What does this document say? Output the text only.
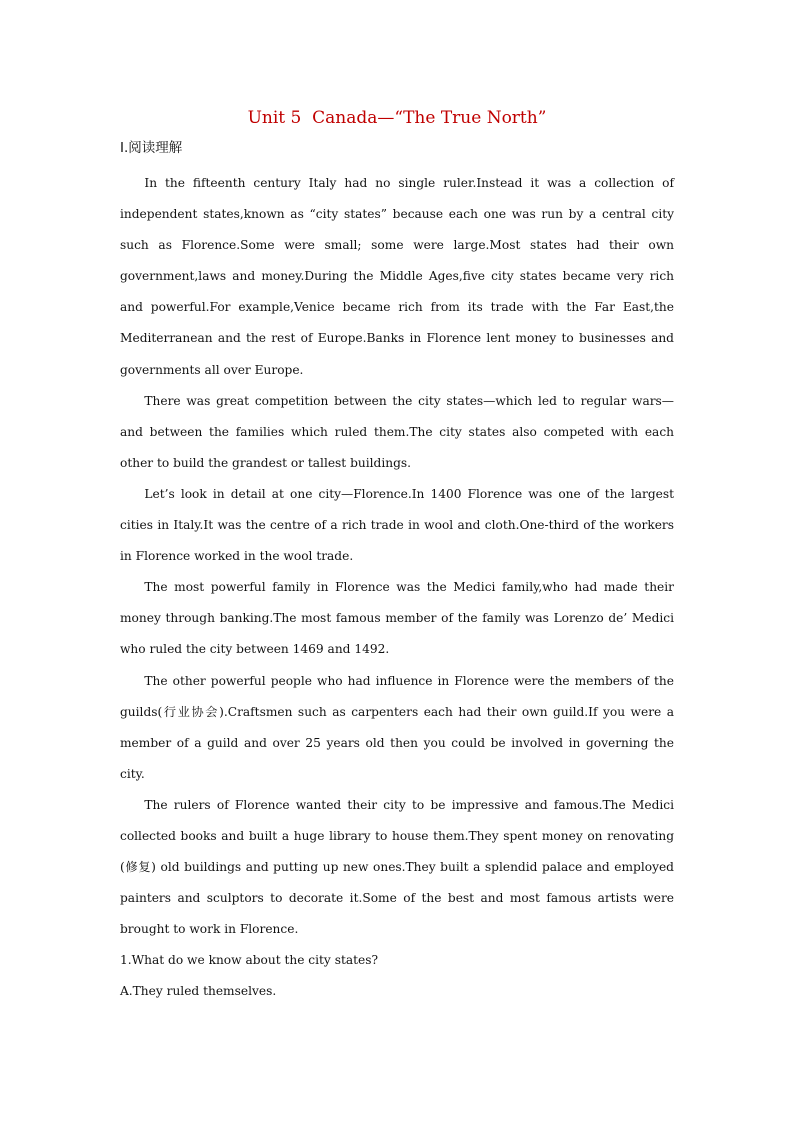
Unit 5  Canada—“The True North”
Ⅰ.阅读理解

In the fifteenth century Italy had no single ruler.Instead it was a collection of independent states,known as “city states” because each one was run by a central city such as Florence.Some were small; some were large.Most states had their own government,laws and money.During the Middle Ages,five city states became very rich and powerful.For example,Venice became rich from its trade with the Far East,the Mediterranean and the rest of Europe.Banks in Florence lent money to businesses and governments all over Europe.

There was great competition between the city states—which led to regular wars—and between the families which ruled them.The city states also competed with each other to build the grandest or tallest buildings.

Let’s look in detail at one city—Florence.In 1400 Florence was one of the largest cities in Italy.It was the centre of a rich trade in wool and cloth.One-third of the workers in Florence worked in the wool trade.

The most powerful family in Florence was the Medici family,who had made their money through banking.The most famous member of the family was Lorenzo de’ Medici who ruled the city between 1469 and 1492.

The other powerful people who had influence in Florence were the members of the guilds(行业协会).Craftsmen such as carpenters each had their own guild.If you were a member of a guild and over 25 years old then you could be involved in governing the city.

The rulers of Florence wanted their city to be impressive and famous.The Medici collected books and built a huge library to house them.They spent money on renovating (修复) old buildings and putting up new ones.They built a splendid palace and employed painters and sculptors to decorate it.Some of the best and most famous artists were brought to work in Florence.

1.What do we know about the city states?

A.They ruled themselves.
